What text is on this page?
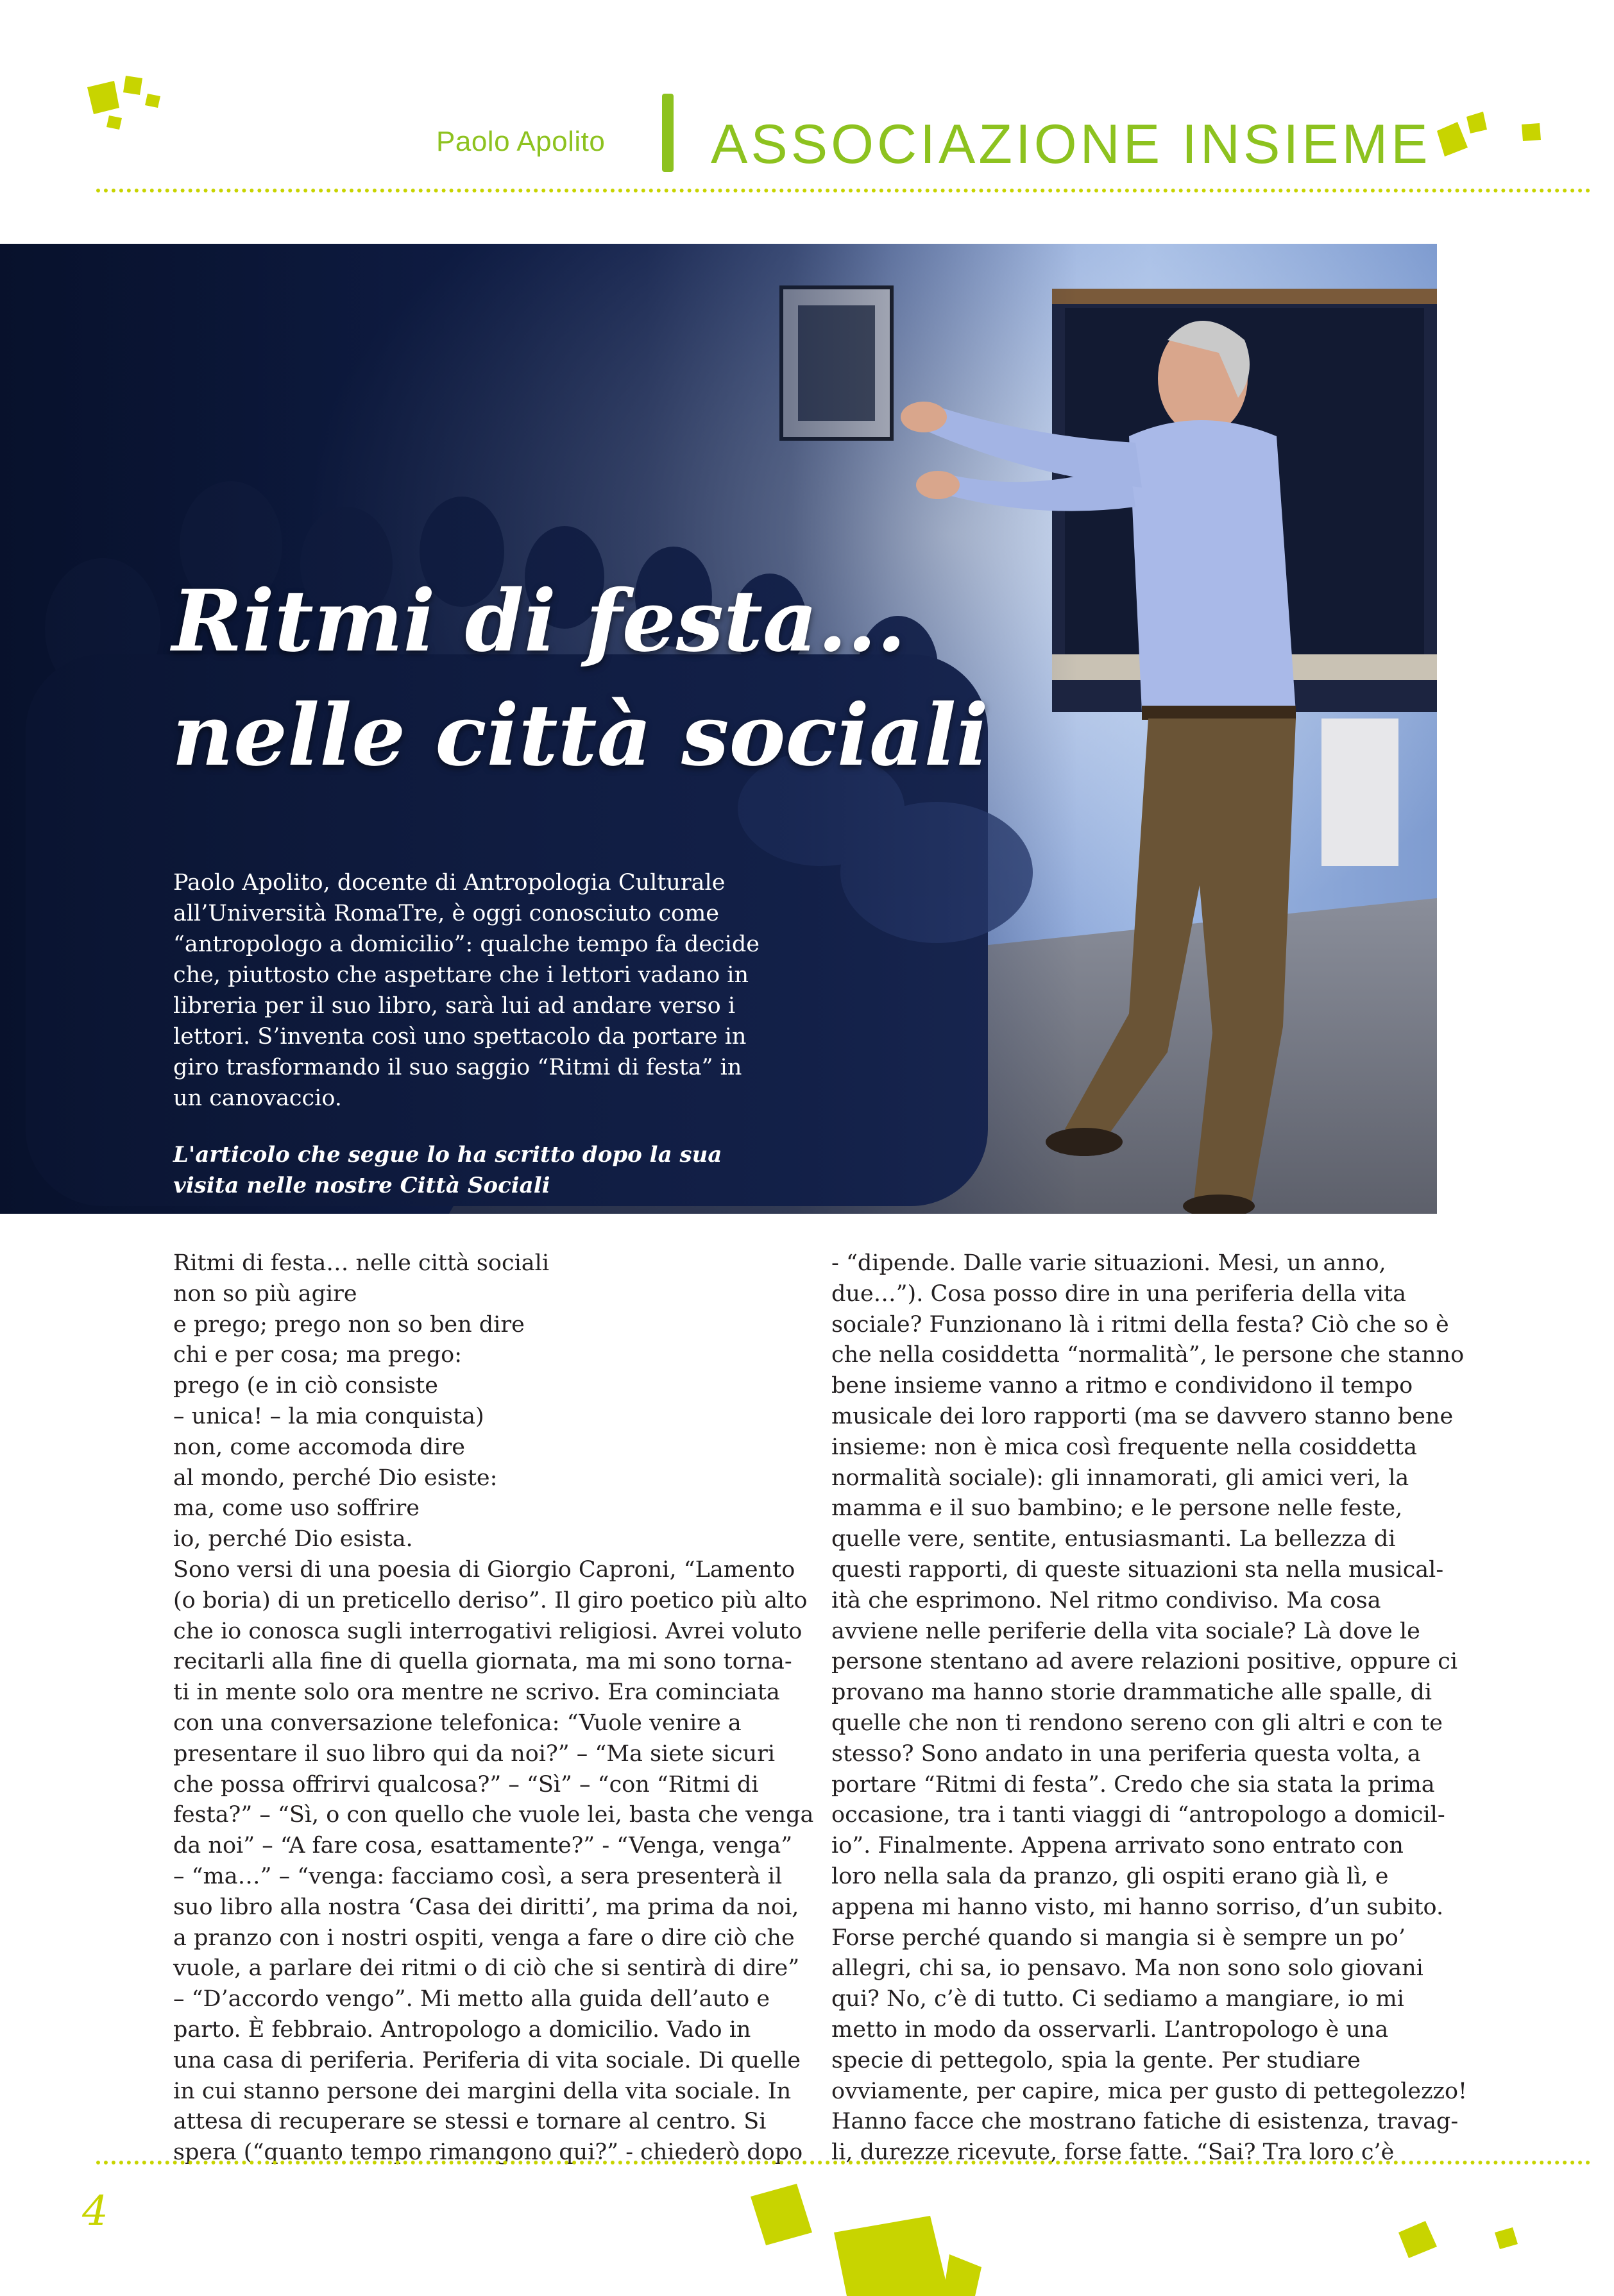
Paolo Apolito ASSOCIAZIONE INSIEME
Ritmi di festa...
nelle città sociali
Paolo Apolito, docente di Antropologia Culturale
all’Università RomaTre, è oggi conosciuto come
“antropologo a domicilio”: qualche tempo fa decide
che, piuttosto che aspettare che i lettori vadano in
libreria per il suo libro, sarà lui ad andare verso i
lettori. S’inventa così uno spettacolo da portare in
giro trasformando il suo saggio “Ritmi di festa” in
un canovaccio.
L'articolo che segue lo ha scritto dopo la sua
visita nelle nostre Città Sociali
Ritmi di festa… nelle città sociali
non so più agire
e prego; prego non so ben dire
chi e per cosa; ma prego:
prego (e in ciò consiste
– unica! – la mia conquista)
non, come accomoda dire
al mondo, perché Dio esiste:
ma, come uso soffrire
io, perché Dio esista.
Sono versi di una poesia di Giorgio Caproni, “Lamento
(o boria) di un preticello deriso”. Il giro poetico più alto
che io conosca sugli interrogativi religiosi. Avrei voluto
recitarli alla fine di quella giornata, ma mi sono torna-
ti in mente solo ora mentre ne scrivo. Era cominciata
con una conversazione telefonica: “Vuole venire a
presentare il suo libro qui da noi?” – “Ma siete sicuri
che possa offrirvi qualcosa?” – “Sì” – “con “Ritmi di
festa?” – “Sì, o con quello che vuole lei, basta che venga
da noi” – “A fare cosa, esattamente?” - “Venga, venga”
– “ma…” – “venga: facciamo così, a sera presenterà il
suo libro alla nostra ‘Casa dei diritti’, ma prima da noi,
a pranzo con i nostri ospiti, venga a fare o dire ciò che
vuole, a parlare dei ritmi o di ciò che si sentirà di dire”
– “D’accordo vengo”. Mi metto alla guida dell’auto e
parto. È febbraio. Antropologo a domicilio. Vado in
una casa di periferia. Periferia di vita sociale. Di quelle
in cui stanno persone dei margini della vita sociale. In
attesa di recuperare se stessi e tornare al centro. Si
spera (“quanto tempo rimangono qui?” - chiederò dopo
- “dipende. Dalle varie situazioni. Mesi, un anno,
due…”). Cosa posso dire in una periferia della vita
sociale? Funzionano là i ritmi della festa? Ciò che so è
che nella cosiddetta “normalità”, le persone che stanno
bene insieme vanno a ritmo e condividono il tempo
musicale dei loro rapporti (ma se davvero stanno bene
insieme: non è mica così frequente nella cosiddetta
normalità sociale): gli innamorati, gli amici veri, la
mamma e il suo bambino; e le persone nelle feste,
quelle vere, sentite, entusiasmanti. La bellezza di
questi rapporti, di queste situazioni sta nella musical-
ità che esprimono. Nel ritmo condiviso. Ma cosa
avviene nelle periferie della vita sociale? Là dove le
persone stentano ad avere relazioni positive, oppure ci
provano ma hanno storie drammatiche alle spalle, di
quelle che non ti rendono sereno con gli altri e con te
stesso? Sono andato in una periferia questa volta, a
portare “Ritmi di festa”. Credo che sia stata la prima
occasione, tra i tanti viaggi di “antropologo a domicil-
io”. Finalmente. Appena arrivato sono entrato con
loro nella sala da pranzo, gli ospiti erano già lì, e
appena mi hanno visto, mi hanno sorriso, d’un subito.
Forse perché quando si mangia si è sempre un po’
allegri, chi sa, io pensavo. Ma non sono solo giovani
qui? No, c’è di tutto. Ci sediamo a mangiare, io mi
metto in modo da osservarli. L’antropologo è una
specie di pettegolo, spia la gente. Per studiare
ovviamente, per capire, mica per gusto di pettegolezzo!
Hanno facce che mostrano fatiche di esistenza, travag-
li, durezze ricevute, forse fatte. “Sai? Tra loro c’è
4
